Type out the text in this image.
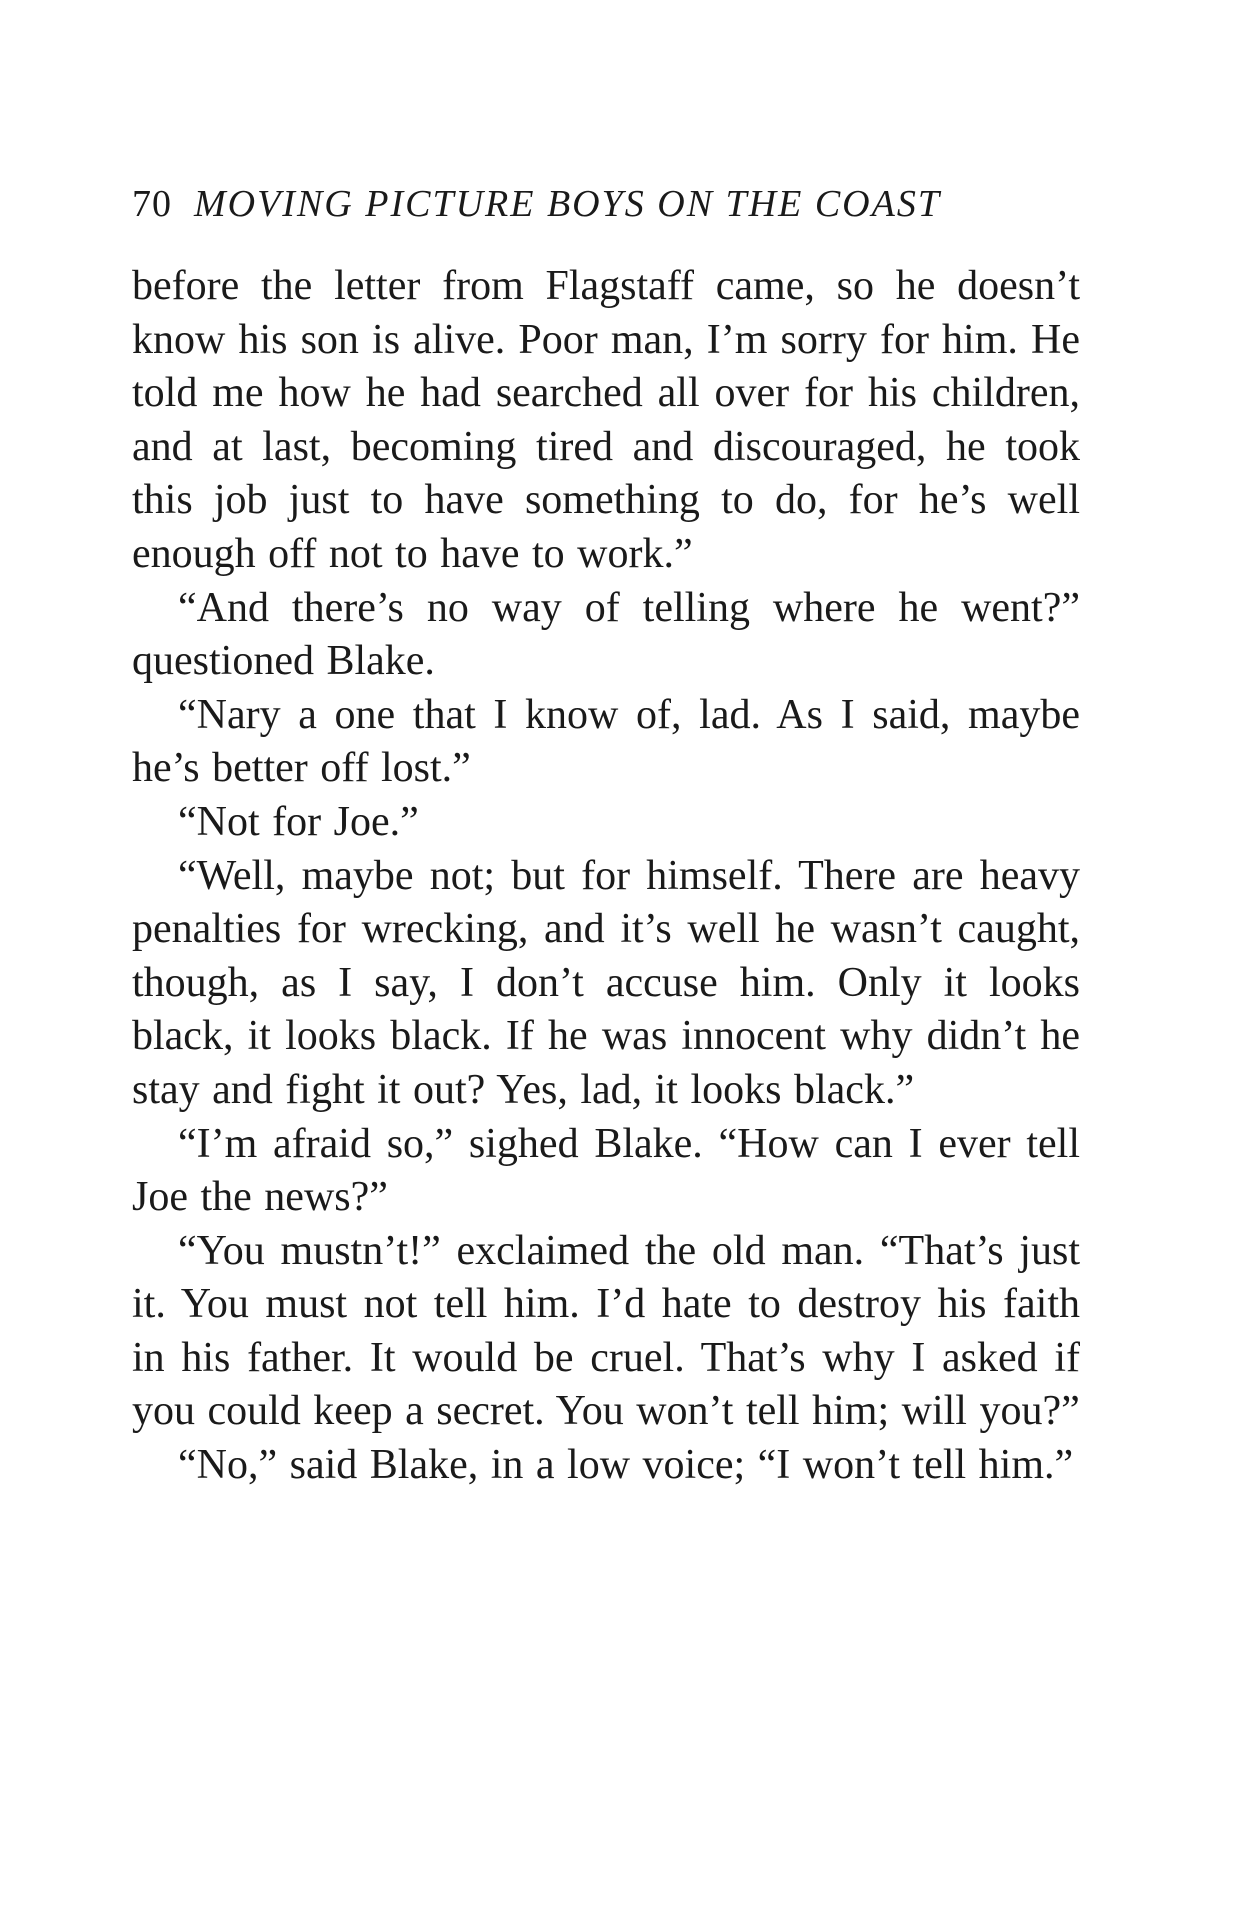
70 MOVING PICTURE BOYS ON THE COAST

before the letter from Flagstaff came, so he doesn’t know his son is alive. Poor man, I’m sorry for him. He told me how he had searched all over for his children, and at last, becoming tired and discouraged, he took this job just to have something to do, for he’s well enough off not to have to work.”

“And there’s no way of telling where he went?” questioned Blake.

“Nary a one that I know of, lad. As I said, maybe he’s better off lost.”

“Not for Joe.”

“Well, maybe not; but for himself. There are heavy penalties for wrecking, and it’s well he wasn’t caught, though, as I say, I don’t accuse him. Only it looks black, it looks black. If he was innocent why didn’t he stay and fight it out? Yes, lad, it looks black.”

“I’m afraid so,” sighed Blake. “How can I ever tell Joe the news?”

“You mustn’t!” exclaimed the old man. “That’s just it. You must not tell him. I’d hate to destroy his faith in his father. It would be cruel. That’s why I asked if you could keep a secret. You won’t tell him; will you?”

“No,” said Blake, in a low voice; “I won’t tell him.”
